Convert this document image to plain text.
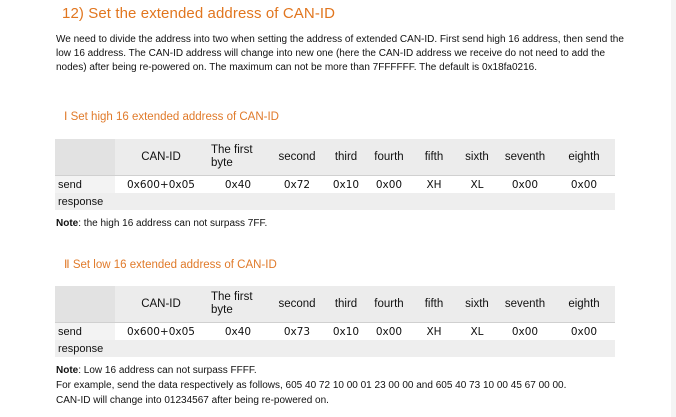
12) Set the extended address of CAN-ID
We need to divide the address into two when setting the address of extended CAN-ID. First send high 16 address, then send the low 16 address. The CAN-ID address will change into new one (here the CAN-ID address we receive do not need to add the nodes) after being re-powered on. The maximum can not be more than 7FFFFFF. The default is 0x18fa0216.
Ⅰ Set high 16 extended address of CAN-ID
	CAN-ID	The first byte	second	third	fourth	fifth	sixth	seventh	eighth
send	0x600+0x05	0x40	0x72	0x10	0x00	XH	XL	0x00	0x00
response									
Note: the high 16 address can not surpass 7FF.
Ⅱ Set low 16 extended address of CAN-ID
	CAN-ID	The first byte	second	third	fourth	fifth	sixth	seventh	eighth
send	0x600+0x05	0x40	0x73	0x10	0x00	XH	XL	0x00	0x00
response									
Note: Low 16 address can not surpass FFFF.
For example, send the data respectively as follows, 605 40 72 10 00 01 23 00 00 and 605 40 73 10 00 45 67 00 00.
CAN-ID will change into 01234567 after being re-powered on.
